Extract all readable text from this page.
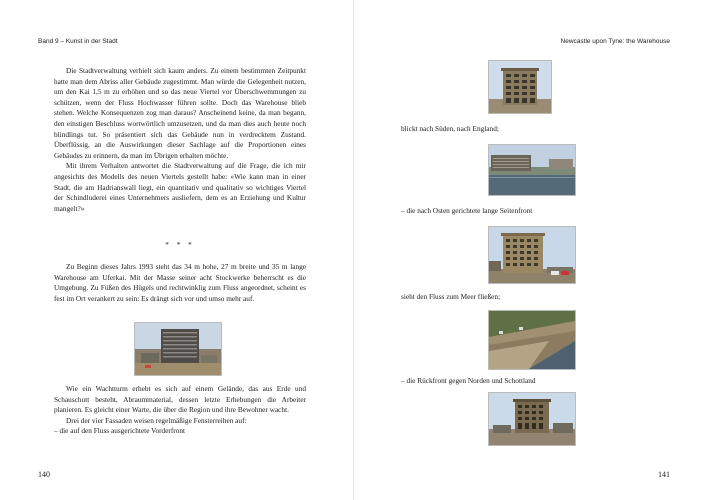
Band 9 – Kunst in der Stadt

Die Stadtverwaltung verhielt sich kaum anders. Zu einem bestimmten Zeitpunkt hatte man dem Abriss aller Gebäude zugestimmt. Man würde die Gelegenheit nutzen, um den Kai 1,5 m zu erhöhen und so das neue Viertel vor Überschwemmungen zu schützen, wenn der Fluss Hochwasser führen sollte. Doch das Warehouse blieb stehen. Welche Konsequenzen zog man daraus? Anscheinend keine, da man begann, den einstigen Beschluss wortwörtlich umzusetzen, und da man dies auch heute noch blindlings tut. So präsentiert sich das Gebäude nun in verdrecktem Zustand. Überflüssig, an die Auswirkungen dieser Sachlage auf die Proportionen eines Gebäudes zu erinnern, da man im Übrigen erhalten möchte.

Mit ihrem Verhalten antwortet die Stadtverwaltung auf die Frage, die ich mir angesichts des Modells des neuen Viertels gestellt habe: «Wie kann man in einer Stadt, die am Hadrianswall liegt, ein quantitativ und qualitativ so wichtiges Viertel der Schindluderei eines Unternehmers ausliefern, dem es an Erziehung und Kultur mangelt?»

* * *

Zu Beginn dieses Jahrs 1993 steht das 34 m hohe, 27 m breite und 35 m lange Warehouse am Uferkai. Mit der Masse seiner acht Stockwerke beherrscht es die Umgebung. Zu Füßen des Hügels und rechtwinklig zum Fluss angeordnet, scheint es fest im Ort verankert zu sein: Es drängt sich vor und umso mehr auf.

Wie ein Wachtturm erhebt es sich auf einem Gelände, das aus Erde und Schauschutt besteht, Abraummaterial, dessen letzte Erhebungen die Arbeiter planieren. Es gleicht einer Warte, die über die Region und ihre Bewohner wacht.

Drei der vier Fassaden weisen regelmäßige Fensterreihen auf:

– die auf den Fluss ausgerichtete Vorderfront

140
Newcastle upon Tyne: the Warehouse
blickt nach Süden, nach England;
– die nach Osten gerichtete lange Seitenfront
sieht den Fluss zum Meer fließen;
– die Rückfront gegen Norden und Schottland
141
